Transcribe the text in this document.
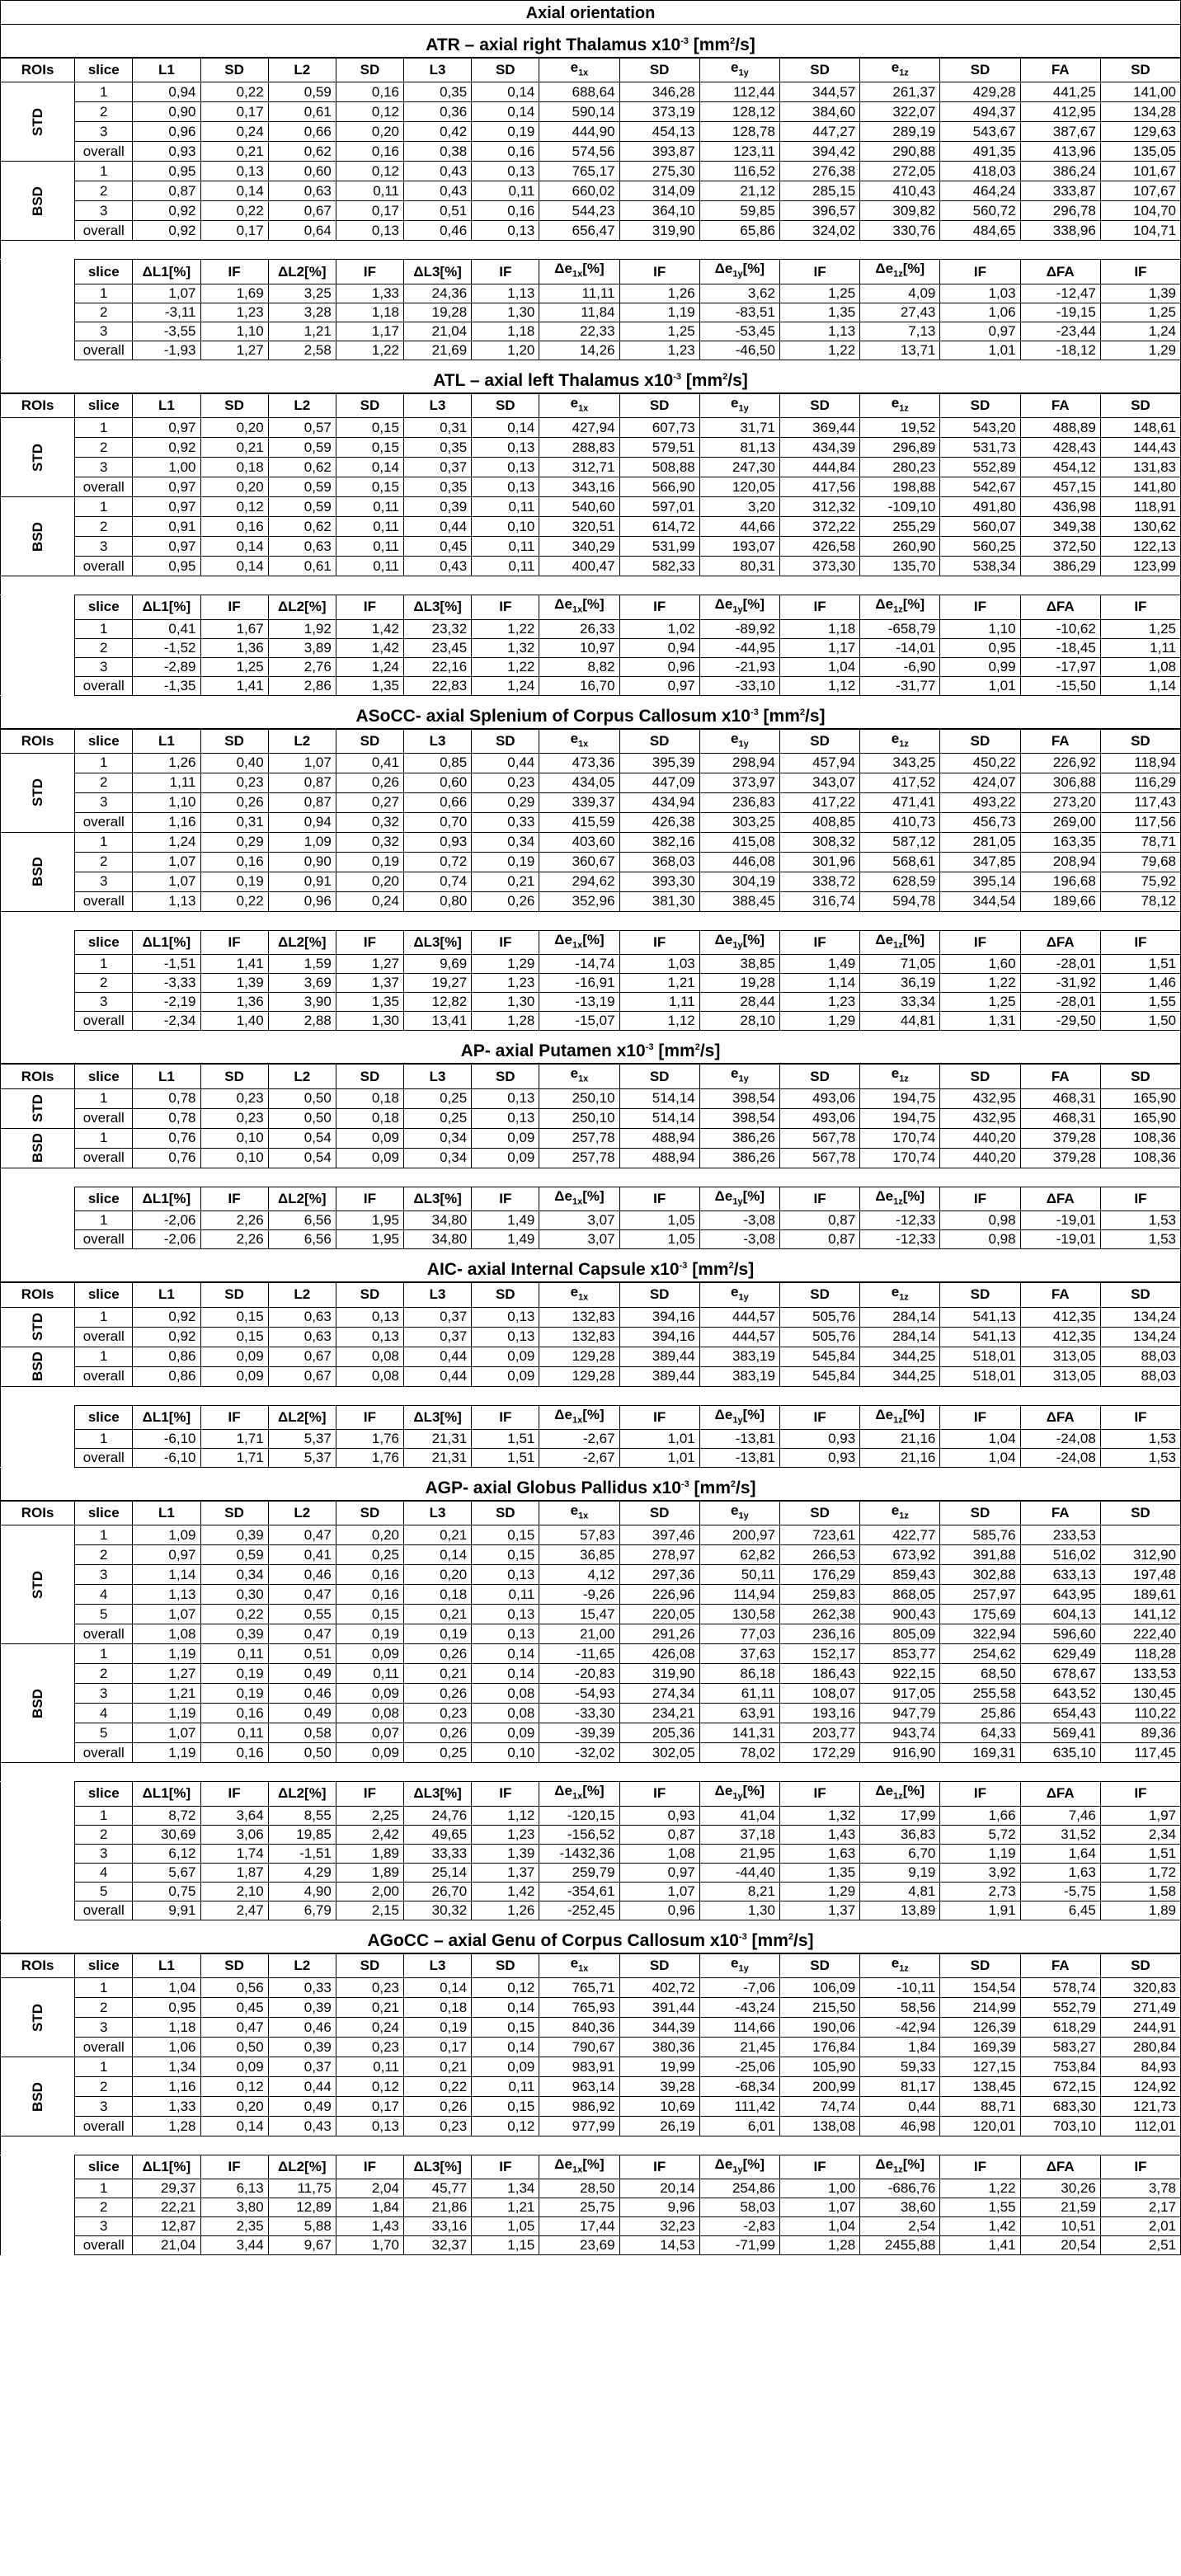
Axial orientation
ATR – axial right Thalamus $x10^{-3}$ $[mm^2/s]$
ROIs	slice	L1	SD	L2	SD	L3	SD	$e_{1x}$	SD	$e_{1y}$	SD	$e_{1z}$	SD	FA	SD
STD	1	0,94	0,22	0,59	0,16	0,35	0,14	688,64	346,28	112,44	344,57	261,37	429,28	441,25	141,00
	2	0,90	0,17	0,61	0,12	0,36	0,14	590,14	373,19	128,12	384,60	322,07	494,37	412,95	134,28
	3	0,96	0,24	0,66	0,20	0,42	0,19	444,90	454,13	128,78	447,27	289,19	543,67	387,67	129,63
	overall	0,93	0,21	0,62	0,16	0,38	0,16	574,56	393,87	123,11	394,42	290,88	491,35	413,96	135,05
BSD	1	0,95	0,13	0,60	0,12	0,43	0,13	765,17	275,30	116,52	276,38	272,05	418,03	386,24	101,67
	2	0,87	0,14	0,63	0,11	0,43	0,11	660,02	314,09	21,12	285,15	410,43	464,24	333,87	107,67
	3	0,92	0,22	0,67	0,17	0,51	0,16	544,23	364,10	59,85	396,57	309,82	560,72	296,78	104,70
	overall	0,92	0,17	0,64	0,13	0,46	0,13	656,47	319,90	65,86	324,02	330,76	484,65	338,96	104,71
	slice	ΔL1[%]	IF	ΔL2[%]	IF	ΔL3[%]	IF	$\Delta e_{1x}[\%]$	IF	$\Delta e_{1y}[\%]$	IF	$\Delta e_{1z}[\%]$	IF	ΔFA	IF
	1	1,07	1,69	3,25	1,33	24,36	1,13	11,11	1,26	3,62	1,25	4,09	1,03	-12,47	1,39
	2	-3,11	1,23	3,28	1,18	19,28	1,30	11,84	1,19	-83,51	1,35	27,43	1,06	-19,15	1,25
	3	-3,55	1,10	1,21	1,17	21,04	1,18	22,33	1,25	-53,45	1,13	7,13	0,97	-23,44	1,24
	overall	-1,93	1,27	2,58	1,22	21,69	1,20	14,26	1,23	-46,50	1,22	13,71	1,01	-18,12	1,29
ATL – axial left Thalamus $x10^{-3}$ $[mm^2/s]$
ROIs	slice	L1	SD	L2	SD	L3	SD	$e_{1x}$	SD	$e_{1y}$	SD	$e_{1z}$	SD	FA	SD
STD	1	0,97	0,20	0,57	0,15	0,31	0,14	427,94	607,73	31,71	369,44	19,52	543,20	488,89	148,61
	2	0,92	0,21	0,59	0,15	0,35	0,13	288,83	579,51	81,13	434,39	296,89	531,73	428,43	144,43
	3	1,00	0,18	0,62	0,14	0,37	0,13	312,71	508,88	247,30	444,84	280,23	552,89	454,12	131,83
	overall	0,97	0,20	0,59	0,15	0,35	0,13	343,16	566,90	120,05	417,56	198,88	542,67	457,15	141,80
BSD	1	0,97	0,12	0,59	0,11	0,39	0,11	540,60	597,01	3,20	312,32	-109,10	491,80	436,98	118,91
	2	0,91	0,16	0,62	0,11	0,44	0,10	320,51	614,72	44,66	372,22	255,29	560,07	349,38	130,62
	3	0,97	0,14	0,63	0,11	0,45	0,11	340,29	531,99	193,07	426,58	260,90	560,25	372,50	122,13
	overall	0,95	0,14	0,61	0,11	0,43	0,11	400,47	582,33	80,31	373,30	135,70	538,34	386,29	123,99
	slice	ΔL1[%]	IF	ΔL2[%]	IF	ΔL3[%]	IF	$\Delta e_{1x}[\%]$	IF	$\Delta e_{1y}[\%]$	IF	$\Delta e_{1z}[\%]$	IF	ΔFA	IF
	1	0,41	1,67	1,92	1,42	23,32	1,22	26,33	1,02	-89,92	1,18	-658,79	1,10	-10,62	1,25
	2	-1,52	1,36	3,89	1,42	23,45	1,32	10,97	0,94	-44,95	1,17	-14,01	0,95	-18,45	1,11
	3	-2,89	1,25	2,76	1,24	22,16	1,22	8,82	0,96	-21,93	1,04	-6,90	0,99	-17,97	1,08
	overall	-1,35	1,41	2,86	1,35	22,83	1,24	16,70	0,97	-33,10	1,12	-31,77	1,01	-15,50	1,14
ASoCC- axial Splenium of Corpus Callosum $x10^{-3}$ $[mm^2/s]$
ROIs	slice	L1	SD	L2	SD	L3	SD	$e_{1x}$	SD	$e_{1y}$	SD	$e_{1z}$	SD	FA	SD
STD	1	1,26	0,40	1,07	0,41	0,85	0,44	473,36	395,39	298,94	457,94	343,25	450,22	226,92	118,94
	2	1,11	0,23	0,87	0,26	0,60	0,23	434,05	447,09	373,97	343,07	417,52	424,07	306,88	116,29
	3	1,10	0,26	0,87	0,27	0,66	0,29	339,37	434,94	236,83	417,22	471,41	493,22	273,20	117,43
	overall	1,16	0,31	0,94	0,32	0,70	0,33	415,59	426,38	303,25	408,85	410,73	456,73	269,00	117,56
BSD	1	1,24	0,29	1,09	0,32	0,93	0,34	403,60	382,16	415,08	308,32	587,12	281,05	163,35	78,71
	2	1,07	0,16	0,90	0,19	0,72	0,19	360,67	368,03	446,08	301,96	568,61	347,85	208,94	79,68
	3	1,07	0,19	0,91	0,20	0,74	0,21	294,62	393,30	304,19	338,72	628,59	395,14	196,68	75,92
	overall	1,13	0,22	0,96	0,24	0,80	0,26	352,96	381,30	388,45	316,74	594,78	344,54	189,66	78,12
	slice	ΔL1[%]	IF	ΔL2[%]	IF	ΔL3[%]	IF	$\Delta e_{1x}[\%]$	IF	$\Delta e_{1y}[\%]$	IF	$\Delta e_{1z}[\%]$	IF	ΔFA	IF
	1	-1,51	1,41	1,59	1,27	9,69	1,29	-14,74	1,03	38,85	1,49	71,05	1,60	-28,01	1,51
	2	-3,33	1,39	3,69	1,37	19,27	1,23	-16,91	1,21	19,28	1,14	36,19	1,22	-31,92	1,46
	3	-2,19	1,36	3,90	1,35	12,82	1,30	-13,19	1,11	28,44	1,23	33,34	1,25	-28,01	1,55
	overall	-2,34	1,40	2,88	1,30	13,41	1,28	-15,07	1,12	28,10	1,29	44,81	1,31	-29,50	1,50
AP- axial Putamen $x10^{-3}$ $[mm^2/s]$
ROIs	slice	L1	SD	L2	SD	L3	SD	$e_{1x}$	SD	$e_{1y}$	SD	$e_{1z}$	SD	FA	SD
STD	1	0,78	0,23	0,50	0,18	0,25	0,13	250,10	514,14	398,54	493,06	194,75	432,95	468,31	165,90
	overall	0,78	0,23	0,50	0,18	0,25	0,13	250,10	514,14	398,54	493,06	194,75	432,95	468,31	165,90
BSD	1	0,76	0,10	0,54	0,09	0,34	0,09	257,78	488,94	386,26	567,78	170,74	440,20	379,28	108,36
	overall	0,76	0,10	0,54	0,09	0,34	0,09	257,78	488,94	386,26	567,78	170,74	440,20	379,28	108,36
	slice	ΔL1[%]	IF	ΔL2[%]	IF	ΔL3[%]	IF	$\Delta e_{1x}[\%]$	IF	$\Delta e_{1y}[\%]$	IF	$\Delta e_{1z}[\%]$	IF	ΔFA	IF
	1	-2,06	2,26	6,56	1,95	34,80	1,49	3,07	1,05	-3,08	0,87	-12,33	0,98	-19,01	1,53
	overall	-2,06	2,26	6,56	1,95	34,80	1,49	3,07	1,05	-3,08	0,87	-12,33	0,98	-19,01	1,53
AIC- axial Internal Capsule $x10^{-3}$ $[mm^2/s]$
ROIs	slice	L1	SD	L2	SD	L3	SD	$e_{1x}$	SD	$e_{1y}$	SD	$e_{1z}$	SD	FA	SD
STD	1	0,92	0,15	0,63	0,13	0,37	0,13	132,83	394,16	444,57	505,76	284,14	541,13	412,35	134,24
	overall	0,92	0,15	0,63	0,13	0,37	0,13	132,83	394,16	444,57	505,76	284,14	541,13	412,35	134,24
BSD	1	0,86	0,09	0,67	0,08	0,44	0,09	129,28	389,44	383,19	545,84	344,25	518,01	313,05	88,03
	overall	0,86	0,09	0,67	0,08	0,44	0,09	129,28	389,44	383,19	545,84	344,25	518,01	313,05	88,03
	slice	ΔL1[%]	IF	ΔL2[%]	IF	ΔL3[%]	IF	$\Delta e_{1x}[\%]$	IF	$\Delta e_{1y}[\%]$	IF	$\Delta e_{1z}[\%]$	IF	ΔFA	IF
	1	-6,10	1,71	5,37	1,76	21,31	1,51	-2,67	1,01	-13,81	0,93	21,16	1,04	-24,08	1,53
	overall	-6,10	1,71	5,37	1,76	21,31	1,51	-2,67	1,01	-13,81	0,93	21,16	1,04	-24,08	1,53
AGP- axial Globus Pallidus $x10^{-3}$ $[mm^2/s]$
ROIs	slice	L1	SD	L2	SD	L3	SD	$e_{1x}$	SD	$e_{1y}$	SD	$e_{1z}$	SD	FA	SD
STD	1	1,09	0,39	0,47	0,20	0,21	0,15	57,83	397,46	200,97	723,61	422,77	585,76	233,53	
	2	0,97	0,59	0,41	0,25	0,14	0,15	36,85	278,97	62,82	266,53	673,92	391,88	516,02	312,90
	3	1,14	0,34	0,46	0,16	0,20	0,13	4,12	297,36	50,11	176,29	859,43	302,88	633,13	197,48
	4	1,13	0,30	0,47	0,16	0,18	0,11	-9,26	226,96	114,94	259,83	868,05	257,97	643,95	189,61
	5	1,07	0,22	0,55	0,15	0,21	0,13	15,47	220,05	130,58	262,38	900,43	175,69	604,13	141,12
	overall	1,08	0,39	0,47	0,19	0,19	0,13	21,00	291,26	77,03	236,16	805,09	322,94	596,60	222,40
BSD	1	1,19	0,11	0,51	0,09	0,26	0,14	-11,65	426,08	37,63	152,17	853,77	254,62	629,49	118,28
	2	1,27	0,19	0,49	0,11	0,21	0,14	-20,83	319,90	86,18	186,43	922,15	68,50	678,67	133,53
	3	1,21	0,19	0,46	0,09	0,26	0,08	-54,93	274,34	61,11	108,07	917,05	255,58	643,52	130,45
	4	1,19	0,16	0,49	0,08	0,23	0,08	-33,30	234,21	63,91	193,16	947,79	25,86	654,43	110,22
	5	1,07	0,11	0,58	0,07	0,26	0,09	-39,39	205,36	141,31	203,77	943,74	64,33	569,41	89,36
	overall	1,19	0,16	0,50	0,09	0,25	0,10	-32,02	302,05	78,02	172,29	916,90	169,31	635,10	117,45
	slice	ΔL1[%]	IF	ΔL2[%]	IF	ΔL3[%]	IF	$\Delta e_{1x}[\%]$	IF	$\Delta e_{1y}[\%]$	IF	$\Delta e_{1z}[\%]$	IF	ΔFA	IF
	1	8,72	3,64	8,55	2,25	24,76	1,12	-120,15	0,93	41,04	1,32	17,99	1,66	7,46	1,97
	2	30,69	3,06	19,85	2,42	49,65	1,23	-156,52	0,87	37,18	1,43	36,83	5,72	31,52	2,34
	3	6,12	1,74	-1,51	1,89	33,33	1,39	-1432,36	1,08	21,95	1,63	6,70	1,19	1,64	1,51
	4	5,67	1,87	4,29	1,89	25,14	1,37	259,79	0,97	-44,40	1,35	9,19	3,92	1,63	1,72
	5	0,75	2,10	4,90	2,00	26,70	1,42	-354,61	1,07	8,21	1,29	4,81	2,73	-5,75	1,58
	overall	9,91	2,47	6,79	2,15	30,32	1,26	-252,45	0,96	1,30	1,37	13,89	1,91	6,45	1,89
AGoCC – axial Genu of Corpus Callosum $x10^{-3}$ $[mm^2/s]$
ROIs	slice	L1	SD	L2	SD	L3	SD	$e_{1x}$	SD	$e_{1y}$	SD	$e_{1z}$	SD	FA	SD
STD	1	1,04	0,56	0,33	0,23	0,14	0,12	765,71	402,72	-7,06	106,09	-10,11	154,54	578,74	320,83
	2	0,95	0,45	0,39	0,21	0,18	0,14	765,93	391,44	-43,24	215,50	58,56	214,99	552,79	271,49
	3	1,18	0,47	0,46	0,24	0,19	0,15	840,36	344,39	114,66	190,06	-42,94	126,39	618,29	244,91
	overall	1,06	0,50	0,39	0,23	0,17	0,14	790,67	380,36	21,45	176,84	1,84	169,39	583,27	280,84
BSD	1	1,34	0,09	0,37	0,11	0,21	0,09	983,91	19,99	-25,06	105,90	59,33	127,15	753,84	84,93
	2	1,16	0,12	0,44	0,12	0,22	0,11	963,14	39,28	-68,34	200,99	81,17	138,45	672,15	124,92
	3	1,33	0,20	0,49	0,17	0,26	0,15	986,92	10,69	111,42	74,74	0,44	88,71	683,30	121,73
	overall	1,28	0,14	0,43	0,13	0,23	0,12	977,99	26,19	6,01	138,08	46,98	120,01	703,10	112,01
	slice	ΔL1[%]	IF	ΔL2[%]	IF	ΔL3[%]	IF	$\Delta e_{1x}[\%]$	IF	$\Delta e_{1y}[\%]$	IF	$\Delta e_{1z}[\%]$	IF	ΔFA	IF
	1	29,37	6,13	11,75	2,04	45,77	1,34	28,50	20,14	254,86	1,00	-686,76	1,22	30,26	3,78
	2	22,21	3,80	12,89	1,84	21,86	1,21	25,75	9,96	58,03	1,07	38,60	1,55	21,59	2,17
	3	12,87	2,35	5,88	1,43	33,16	1,05	17,44	32,23	-2,83	1,04	2,54	1,42	10,51	2,01
	overall	21,04	3,44	9,67	1,70	32,37	1,15	23,69	14,53	-71,99	1,28	2455,88	1,41	20,54	2,51
